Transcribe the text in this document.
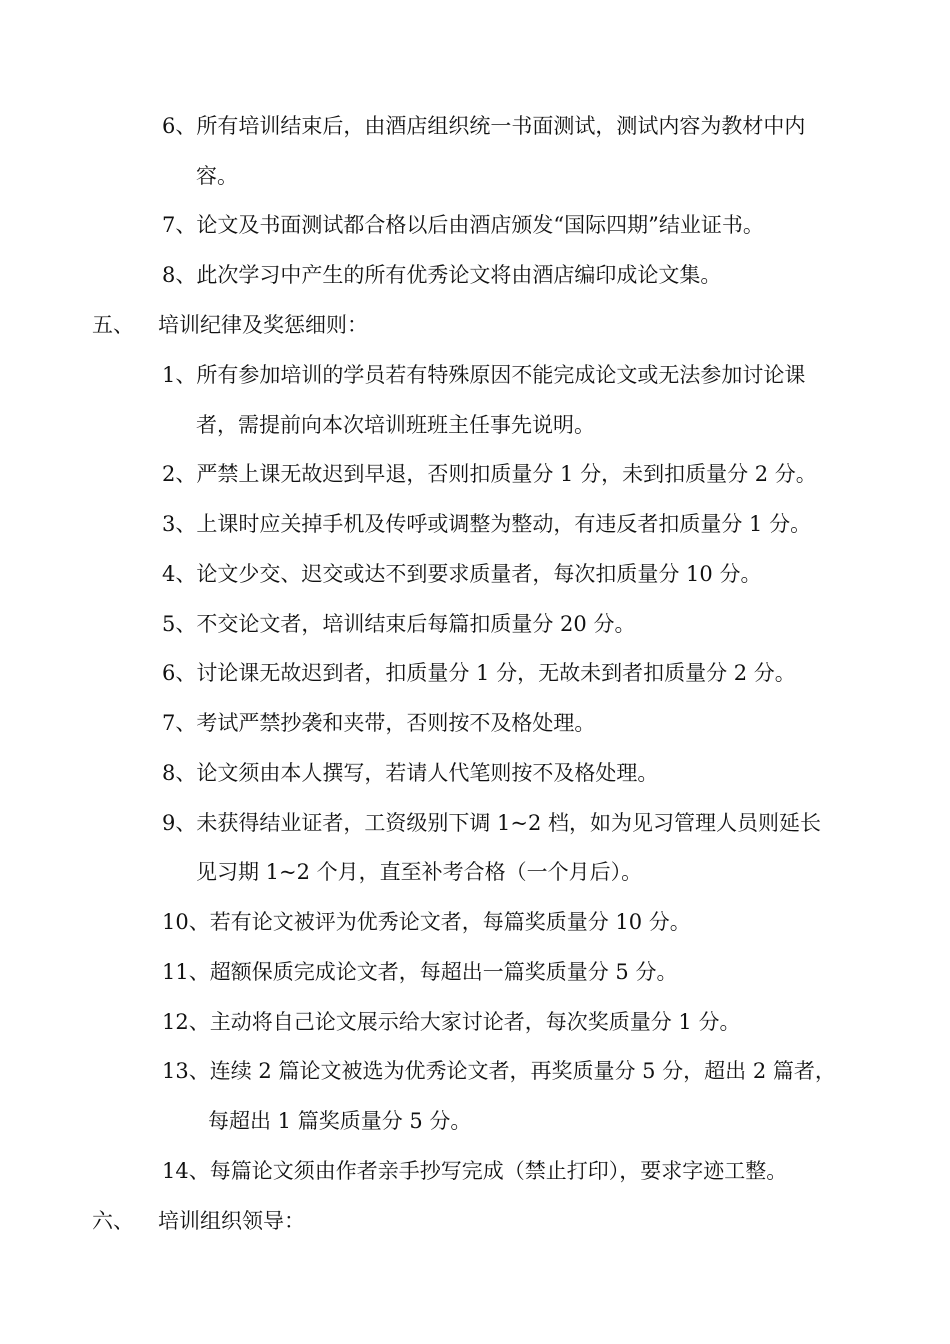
6、所有培训结束后，由酒店组织统一书面测试，测试内容为教材中内
容。
7、论文及书面测试都合格以后由酒店颁发“国际四期”结业证书。
8、此次学习中产生的所有优秀论文将由酒店编印成论文集。
五、 培训纪律及奖惩细则：
1、所有参加培训的学员若有特殊原因不能完成论文或无法参加讨论课
者，需提前向本次培训班班主任事先说明。
2、严禁上课无故迟到早退，否则扣质量分 1 分，未到扣质量分 2 分。
3、上课时应关掉手机及传呼或调整为整动，有违反者扣质量分 1 分。
4、论文少交、迟交或达不到要求质量者，每次扣质量分 10 分。
5、不交论文者，培训结束后每篇扣质量分 20 分。
6、讨论课无故迟到者，扣质量分 1 分，无故未到者扣质量分 2 分。
7、考试严禁抄袭和夹带，否则按不及格处理。
8、论文须由本人撰写，若请人代笔则按不及格处理。
9、未获得结业证者，工资级别下调 1~2 档，如为见习管理人员则延长
见习期 1~2 个月，直至补考合格（一个月后）。
10、若有论文被评为优秀论文者，每篇奖质量分 10 分。
11、超额保质完成论文者，每超出一篇奖质量分 5 分。
12、主动将自己论文展示给大家讨论者，每次奖质量分 1 分。
13、连续 2 篇论文被选为优秀论文者，再奖质量分 5 分，超出 2 篇者，
每超出 1 篇奖质量分 5 分。
14、每篇论文须由作者亲手抄写完成（禁止打印），要求字迹工整。
六、 培训组织领导：
